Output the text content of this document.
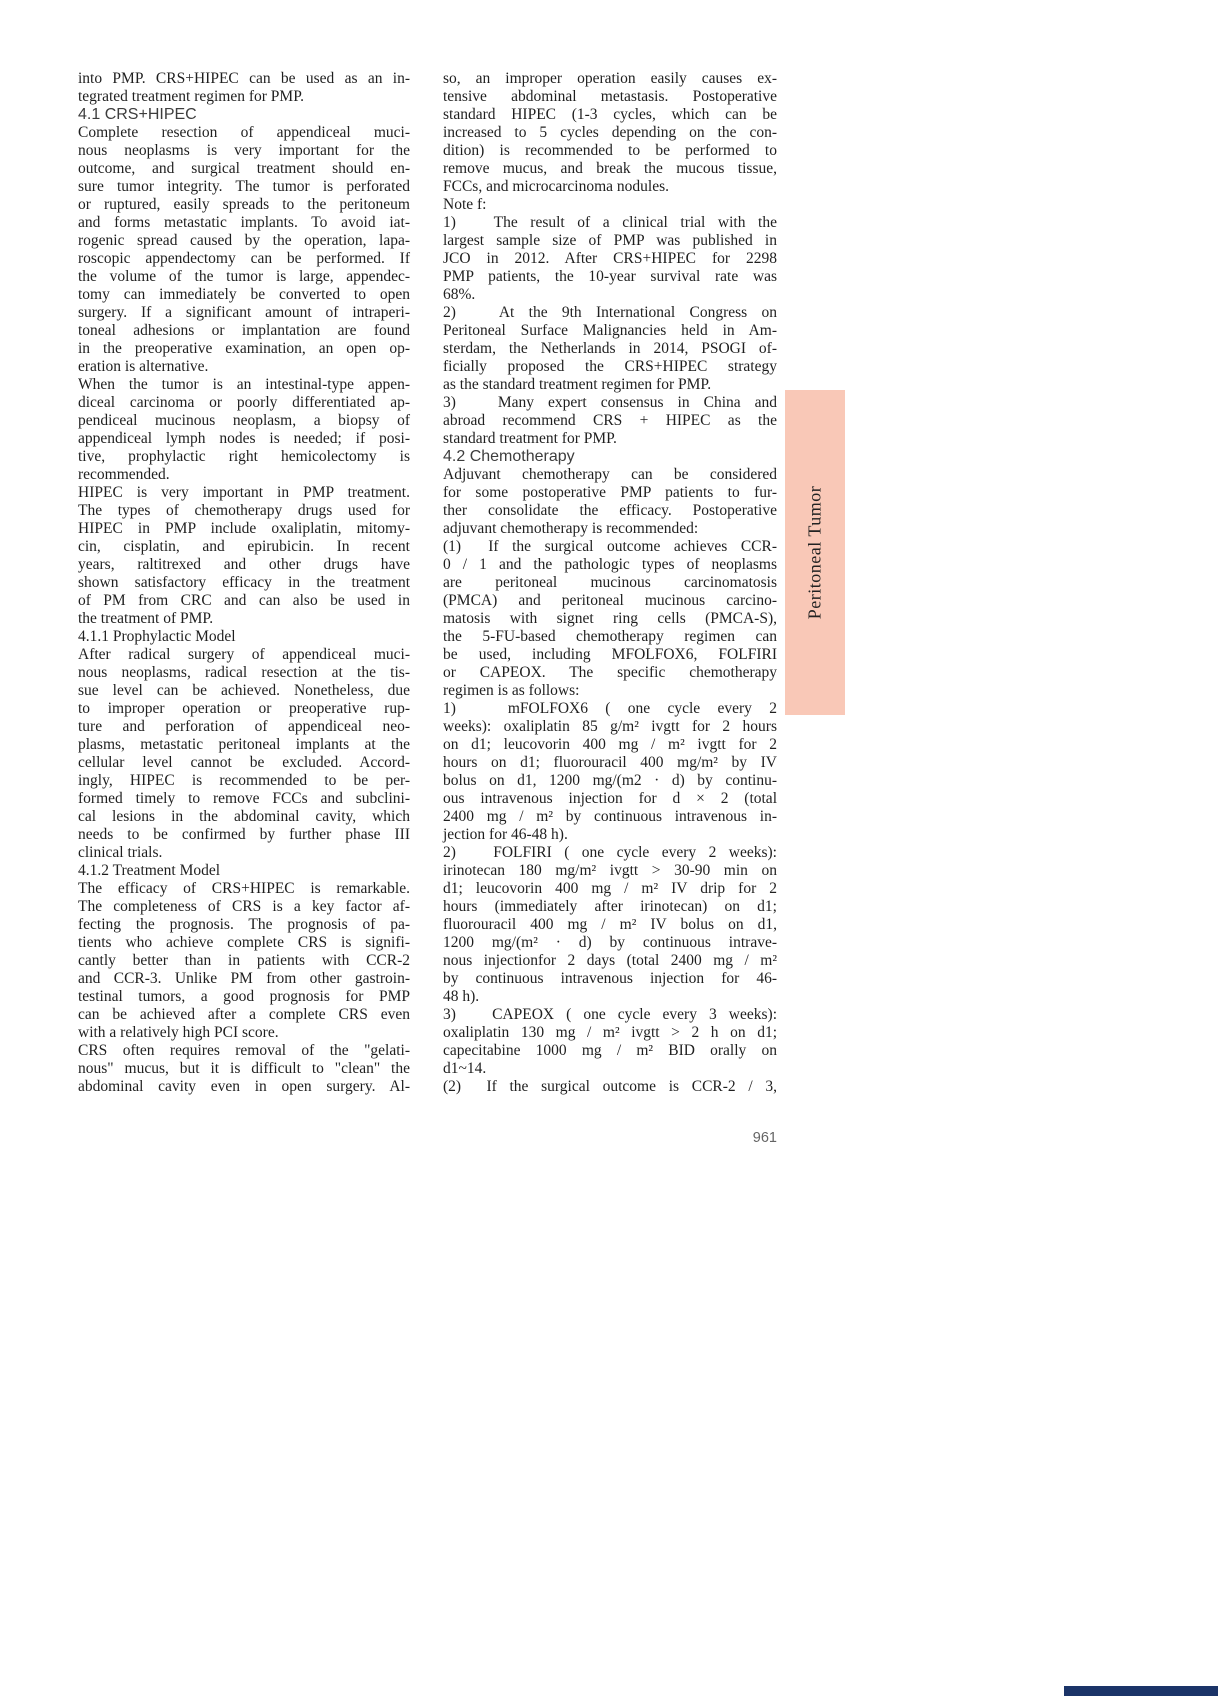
into PMP. CRS+HIPEC can be used as an in-
tegrated treatment regimen for PMP.
4.1 CRS+HIPEC
Complete resection of appendiceal muci-
nous neoplasms is very important for the
outcome, and surgical treatment should en-
sure tumor integrity. The tumor is perforated
or ruptured, easily spreads to the peritoneum
and forms metastatic implants. To avoid iat-
rogenic spread caused by the operation, lapa-
roscopic appendectomy can be performed. If
the volume of the tumor is large, appendec-
tomy can immediately be converted to open
surgery. If a significant amount of intraperi-
toneal adhesions or implantation are found
in the preoperative examination, an open op-
eration is alternative.
When the tumor is an intestinal-type appen-
diceal carcinoma or poorly differentiated ap-
pendiceal mucinous neoplasm, a biopsy of
appendiceal lymph nodes is needed; if posi-
tive, prophylactic right hemicolectomy is
recommended.
HIPEC is very important in PMP treatment.
The types of chemotherapy drugs used for
HIPEC in PMP include oxaliplatin, mitomy-
cin, cisplatin, and epirubicin. In recent
years, raltitrexed and other drugs have
shown satisfactory efficacy in the treatment
of PM from CRC and can also be used in
the treatment of PMP.
4.1.1 Prophylactic Model
After radical surgery of appendiceal muci-
nous neoplasms, radical resection at the tis-
sue level can be achieved. Nonetheless, due
to improper operation or preoperative rup-
ture and perforation of appendiceal neo-
plasms, metastatic peritoneal implants at the
cellular level cannot be excluded. Accord-
ingly, HIPEC is recommended to be per-
formed timely to remove FCCs and subclini-
cal lesions in the abdominal cavity, which
needs to be confirmed by further phase III
clinical trials.
4.1.2 Treatment Model
The efficacy of CRS+HIPEC is remarkable.
The completeness of CRS is a key factor af-
fecting the prognosis. The prognosis of pa-
tients who achieve complete CRS is signifi-
cantly better than in patients with CCR-2
and CCR-3. Unlike PM from other gastroin-
testinal tumors, a good prognosis for PMP
can be achieved after a complete CRS even
with a relatively high PCI score.
CRS often requires removal of the "gelati-
nous" mucus, but it is difficult to "clean" the
abdominal cavity even in open surgery. Al-
so, an improper operation easily causes ex-
tensive abdominal metastasis. Postoperative
standard HIPEC (1-3 cycles, which can be
increased to 5 cycles depending on the con-
dition) is recommended to be performed to
remove mucus, and break the mucous tissue,
FCCs, and microcarcinoma nodules.
Note f:
1)   The result of a clinical trial with the
largest sample size of PMP was published in
JCO in 2012. After CRS+HIPEC for 2298
PMP patients, the 10-year survival rate was
68%.
2)   At the 9th International Congress on
Peritoneal Surface Malignancies held in Am-
sterdam, the Netherlands in 2014, PSOGI of-
ficially proposed the CRS+HIPEC strategy
as the standard treatment regimen for PMP.
3)   Many expert consensus in China and
abroad recommend CRS + HIPEC as the
standard treatment for PMP.
4.2 Chemotherapy
Adjuvant chemotherapy can be considered
for some postoperative PMP patients to fur-
ther consolidate the efficacy. Postoperative
adjuvant chemotherapy is recommended:
(1)  If the surgical outcome achieves CCR-
0 / 1 and the pathologic types of neoplasms
are peritoneal mucinous carcinomatosis
(PMCA) and peritoneal mucinous carcino-
matosis with signet ring cells (PMCA-S),
the 5-FU-based chemotherapy regimen can
be used, including MFOLFOX6, FOLFIRI
or CAPEOX. The specific chemotherapy
regimen is as follows:
1)   mFOLFOX6 ( one cycle every 2
weeks): oxaliplatin 85 g/m² ivgtt for 2 hours
on d1; leucovorin 400 mg / m² ivgtt for 2
hours on d1; fluorouracil 400 mg/m² by IV
bolus on d1, 1200 mg/(m2 · d) by continu-
ous intravenous injection for d × 2 (total
2400 mg / m² by continuous intravenous in-
jection for 46-48 h).
2)   FOLFIRI ( one cycle every 2 weeks):
irinotecan 180 mg/m² ivgtt > 30-90 min on
d1; leucovorin 400 mg / m² IV drip for 2
hours (immediately after irinotecan) on d1;
fluorouracil 400 mg / m² IV bolus on d1,
1200 mg/(m² · d) by continuous intrave-
nous injectionfor 2 days (total 2400 mg / m²
by continuous intravenous injection for 46-
48 h).
3)   CAPEOX ( one cycle every 3 weeks):
oxaliplatin 130 mg / m² ivgtt > 2 h on d1;
capecitabine 1000 mg / m² BID orally on
d1~14.
(2)  If the surgical outcome is CCR-2 / 3,
Peritoneal Tumor
961
